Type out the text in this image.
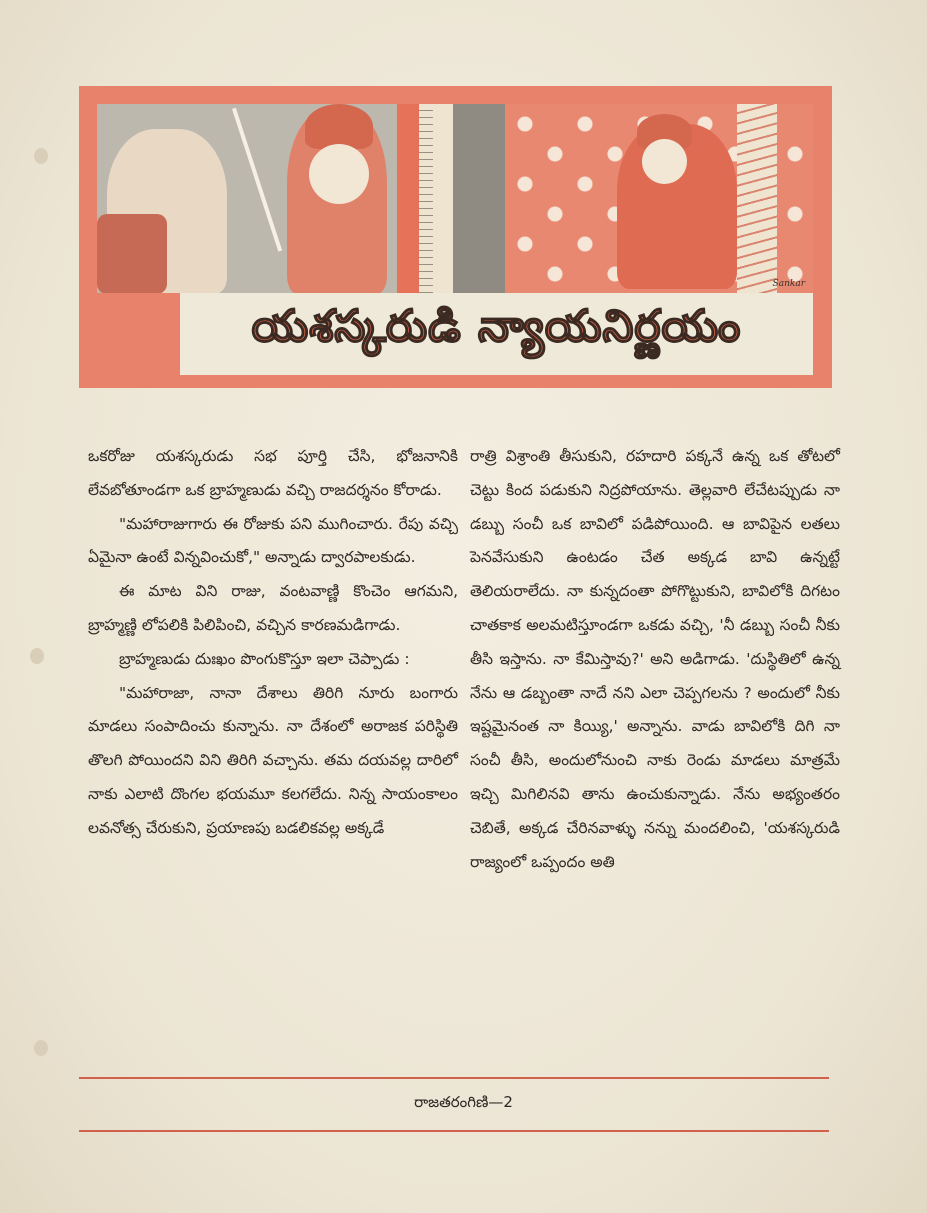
Sankar
యశస్కరుడి న్యాయనిర్ణయం

ఒకరోజు యశస్కరుడు సభ పూర్తి చేసి, భోజనానికి లేవబోతూండగా ఒక బ్రాహ్మణుడు వచ్చి రాజదర్శనం కోరాడు.

"మహారాజుగారు ఈ రోజుకు పని ముగించారు. రేపు వచ్చి ఏమైనా ఉంటే విన్నవించుకో," అన్నాడు ద్వారపాలకుడు.

ఈ మాట విని రాజు, వంటవాణ్ణి కొంచెం ఆగమని, బ్రాహ్మణ్ణి లోపలికి పిలిపించి, వచ్చిన కారణమడిగాడు.

బ్రాహ్మణుడు దుఃఖం పొంగుకొస్తూ ఇలా చెప్పాడు :

"మహారాజా, నానా దేశాలు తిరిగి నూరు బంగారు మాడలు సంపాదించు కున్నాను. నా దేశంలో అరాజక పరిస్థితి తొలగి పోయిందని విని తిరిగి వచ్చాను. తమ దయవల్ల దారిలో నాకు ఎలాటి దొంగల భయమూ కలగలేదు. నిన్న సాయంకాలం లవనోత్స చేరుకుని, ప్రయాణపు బడలికవల్ల అక్కడే

రాత్రి విశ్రాంతి తీసుకుని, రహదారి పక్కనే ఉన్న ఒక తోటలో చెట్టు కింద పడుకుని నిద్రపోయాను. తెల్లవారి లేచేటప్పుడు నా డబ్బు సంచీ ఒక బావిలో పడిపోయింది. ఆ బావిపైన లతలు పెనవేసుకుని ఉంటడం చేత అక్కడ బావి ఉన్నట్టే తెలియరాలేదు. నా కున్నదంతా పోగొట్టుకుని, బావిలోకి దిగటం చాతకాక అలమటిస్తూండగా ఒకడు వచ్చి, 'నీ డబ్బు సంచీ నీకు తీసి ఇస్తాను. నా కేమిస్తావు?' అని అడిగాడు. 'దుస్థితిలో ఉన్న నేను ఆ డబ్బంతా నాదే నని ఎలా చెప్పగలను ? అందులో నీకు ఇష్టమైనంత నా కియ్యి,' అన్నాను. వాడు బావిలోకి దిగి నా సంచీ తీసి, అందులోనుంచి నాకు రెండు మాడలు మాత్రమే ఇచ్చి మిగిలినవి తాను ఉంచుకున్నాడు. నేను అభ్యంతరం చెబితే, అక్కడ చేరినవాళ్ళు నన్ను మందలించి, 'యశస్కరుడి రాజ్యంలో ఒప్పందం అతి

రాజతరంగిణి—2
